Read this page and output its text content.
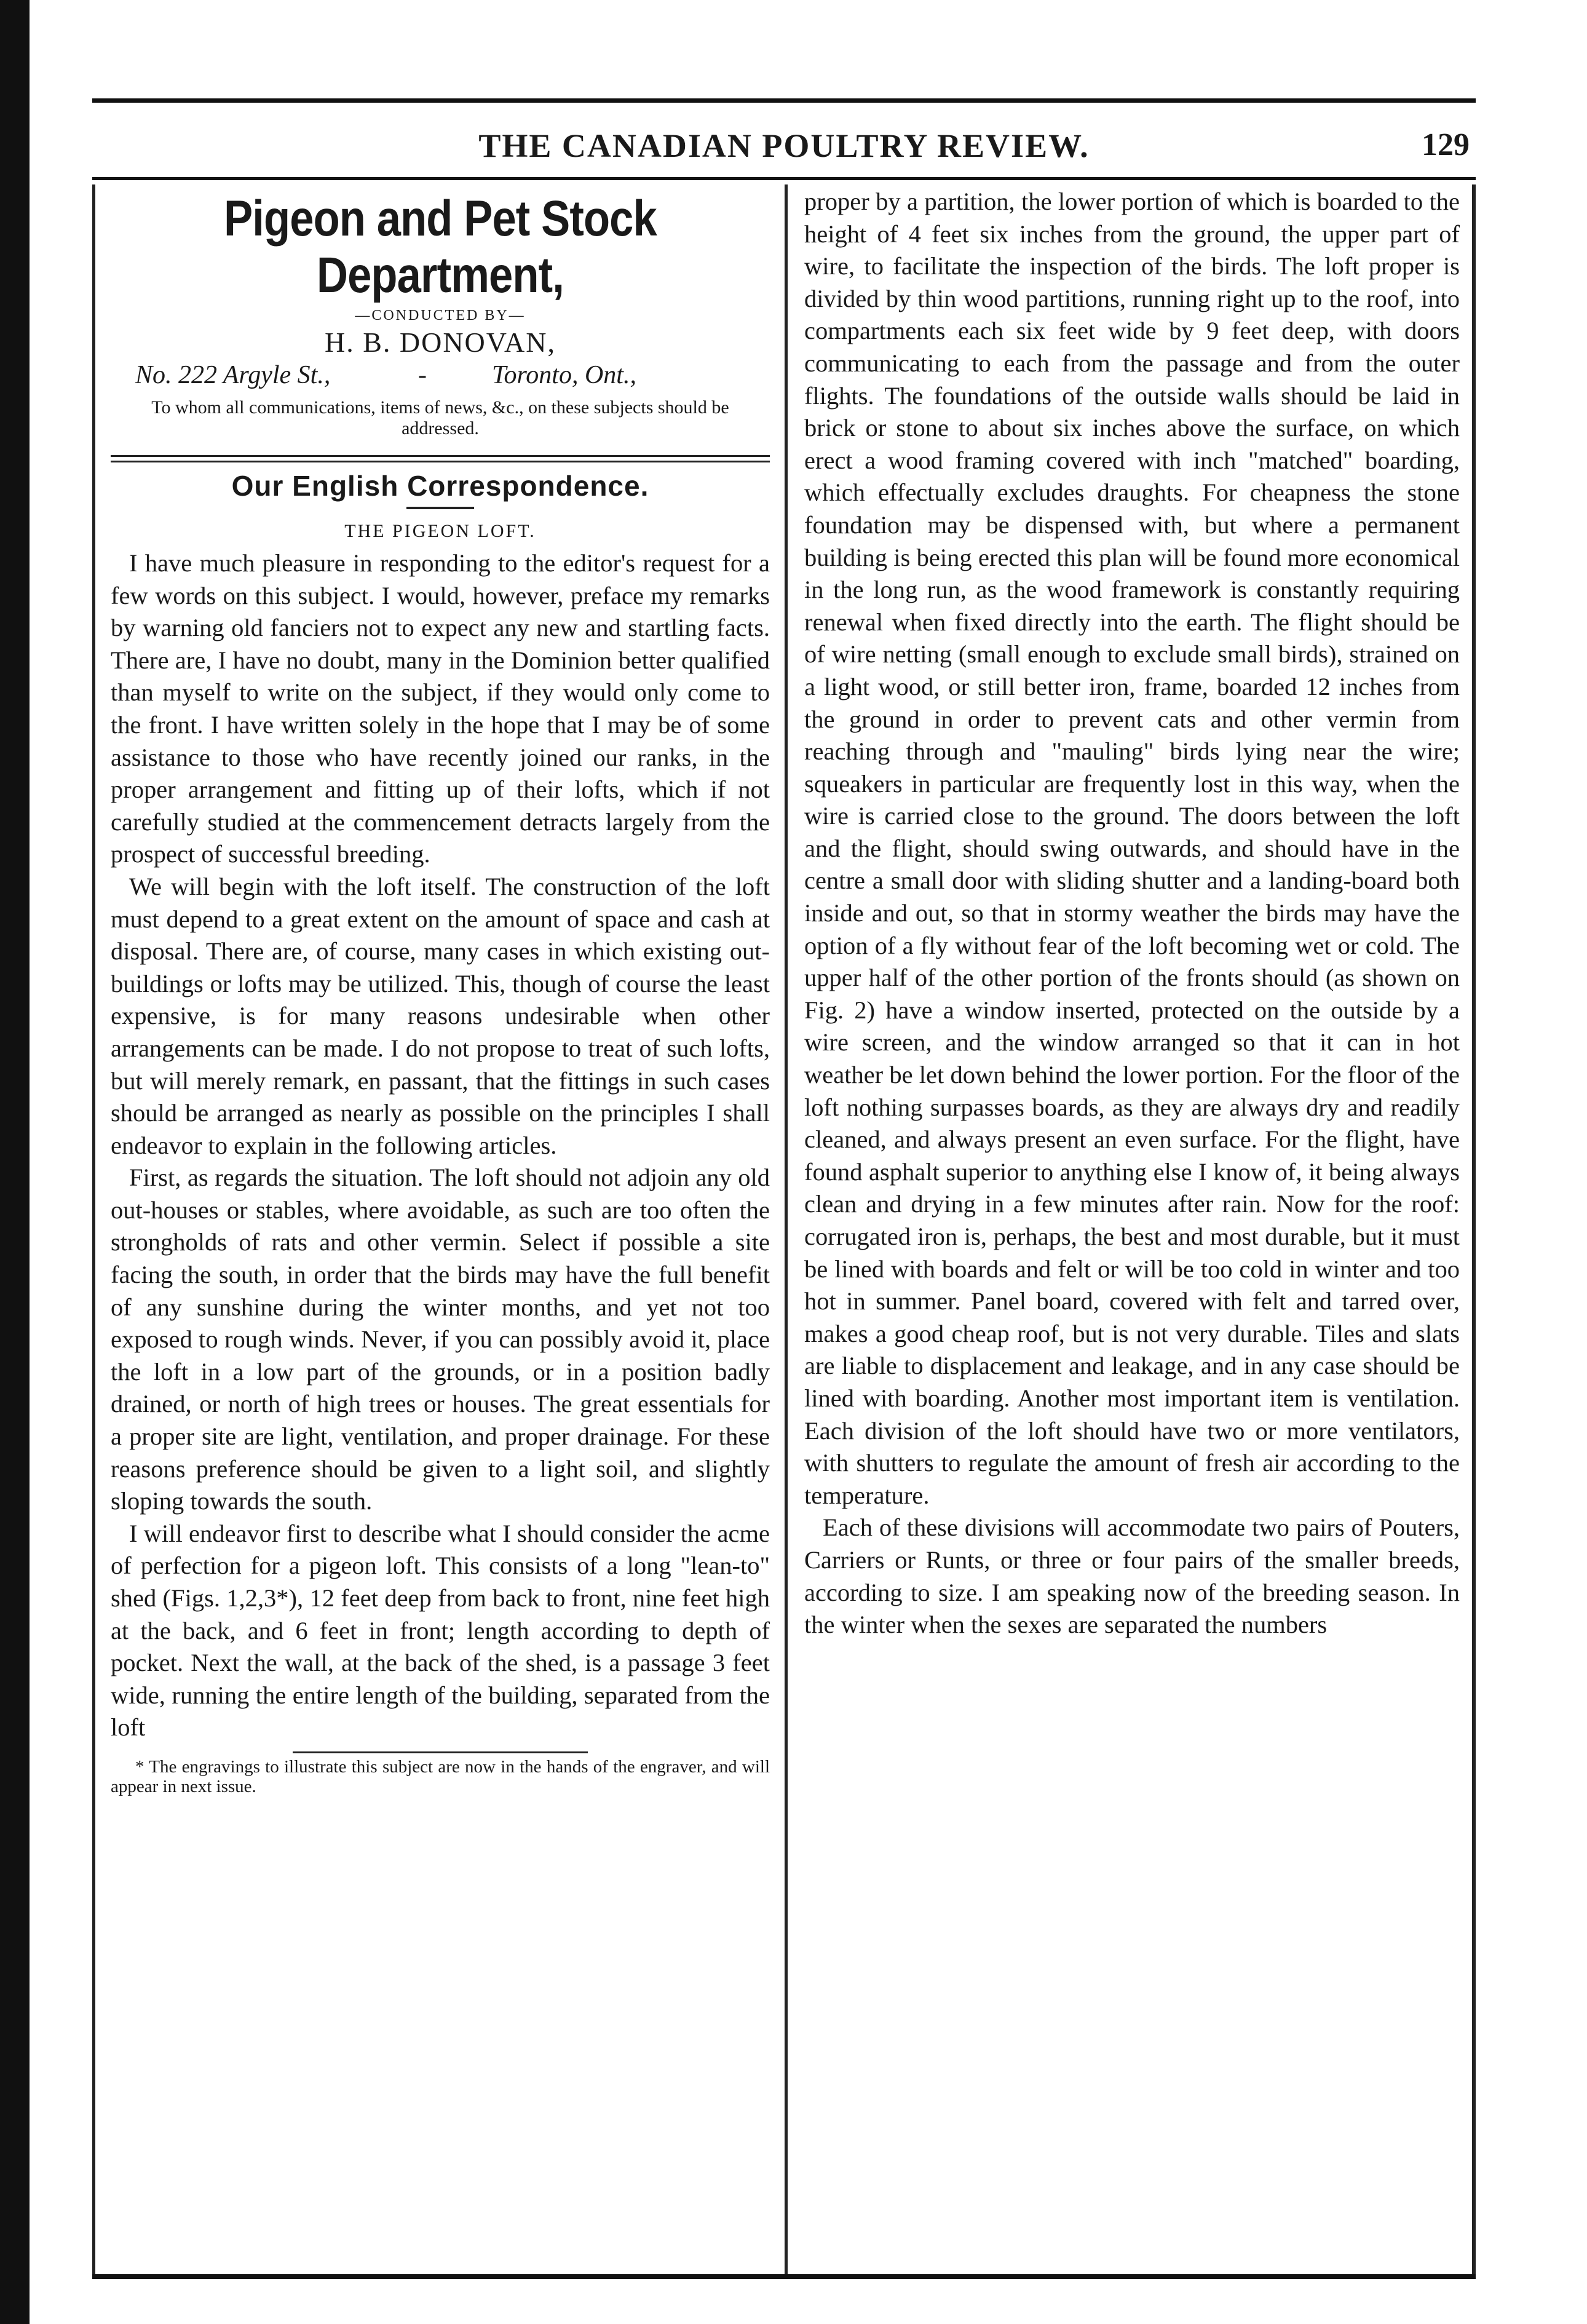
THE CANADIAN POULTRY REVIEW.	129
Pigeon and Pet Stock Department,
—CONDUCTED BY—
H. B. DONOVAN,
No. 222 Argyle St.,	-	Toronto, Ont.,
To whom all communications, items of news, &c., on these subjects should be addressed.
Our English Correspondence.
THE PIGEON LOFT.

I have much pleasure in responding to the editor's request for a few words on this subject. I would, however, preface my remarks by warning old fanciers not to expect any new and startling facts. There are, I have no doubt, many in the Dominion better qualified than myself to write on the subject, if they would only come to the front. I have written solely in the hope that I may be of some assistance to those who have recently joined our ranks, in the proper arrangement and fitting up of their lofts, which if not carefully studied at the commencement detracts largely from the prospect of successful breeding.

We will begin with the loft itself. The construction of the loft must depend to a great extent on the amount of space and cash at disposal. There are, of course, many cases in which existing out-buildings or lofts may be utilized. This, though of course the least expensive, is for many reasons undesirable when other arrangements can be made. I do not propose to treat of such lofts, but will merely remark, en passant, that the fittings in such cases should be arranged as nearly as possible on the principles I shall endeavor to explain in the following articles.

First, as regards the situation. The loft should not adjoin any old out-houses or stables, where avoidable, as such are too often the strongholds of rats and other vermin. Select if possible a site facing the south, in order that the birds may have the full benefit of any sunshine during the winter months, and yet not too exposed to rough winds. Never, if you can possibly avoid it, place the loft in a low part of the grounds, or in a position badly drained, or north of high trees or houses. The great essentials for a proper site are light, ventilation, and proper drainage. For these reasons preference should be given to a light soil, and slightly sloping towards the south.

I will endeavor first to describe what I should consider the acme of perfection for a pigeon loft. This consists of a long "lean-to" shed (Figs. 1,2,3*), 12 feet deep from back to front, nine feet high at the back, and 6 feet in front; length according to depth of pocket. Next the wall, at the back of the shed, is a passage 3 feet wide, running the entire length of the building, separated from the loft

* The engravings to illustrate this subject are now in the hands of the engraver, and will appear in next issue.

proper by a partition, the lower portion of which is boarded to the height of 4 feet six inches from the ground, the upper part of wire, to facilitate the inspection of the birds. The loft proper is divided by thin wood partitions, running right up to the roof, into compartments each six feet wide by 9 feet deep, with doors communicating to each from the passage and from the outer flights. The foundations of the outside walls should be laid in brick or stone to about six inches above the surface, on which erect a wood framing covered with inch "matched" boarding, which effectually excludes draughts. For cheapness the stone foundation may be dispensed with, but where a permanent building is being erected this plan will be found more economical in the long run, as the wood framework is constantly requiring renewal when fixed directly into the earth. The flight should be of wire netting (small enough to exclude small birds), strained on a light wood, or still better iron, frame, boarded 12 inches from the ground in order to prevent cats and other vermin from reaching through and "mauling" birds lying near the wire; squeakers in particular are frequently lost in this way, when the wire is carried close to the ground. The doors between the loft and the flight, should swing outwards, and should have in the centre a small door with sliding shutter and a landing-board both inside and out, so that in stormy weather the birds may have the option of a fly without fear of the loft becoming wet or cold. The upper half of the other portion of the fronts should (as shown on Fig. 2) have a window inserted, protected on the outside by a wire screen, and the window arranged so that it can in hot weather be let down behind the lower portion. For the floor of the loft nothing surpasses boards, as they are always dry and readily cleaned, and always present an even surface. For the flight, have found asphalt superior to anything else I know of, it being always clean and drying in a few minutes after rain. Now for the roof: corrugated iron is, perhaps, the best and most durable, but it must be lined with boards and felt or will be too cold in winter and too hot in summer. Panel board, covered with felt and tarred over, makes a good cheap roof, but is not very durable. Tiles and slats are liable to displacement and leakage, and in any case should be lined with boarding. Another most important item is ventilation. Each division of the loft should have two or more ventilators, with shutters to regulate the amount of fresh air according to the temperature.

Each of these divisions will accommodate two pairs of Pouters, Carriers or Runts, or three or four pairs of the smaller breeds, according to size. I am speaking now of the breeding season. In the winter when the sexes are separated the numbers
